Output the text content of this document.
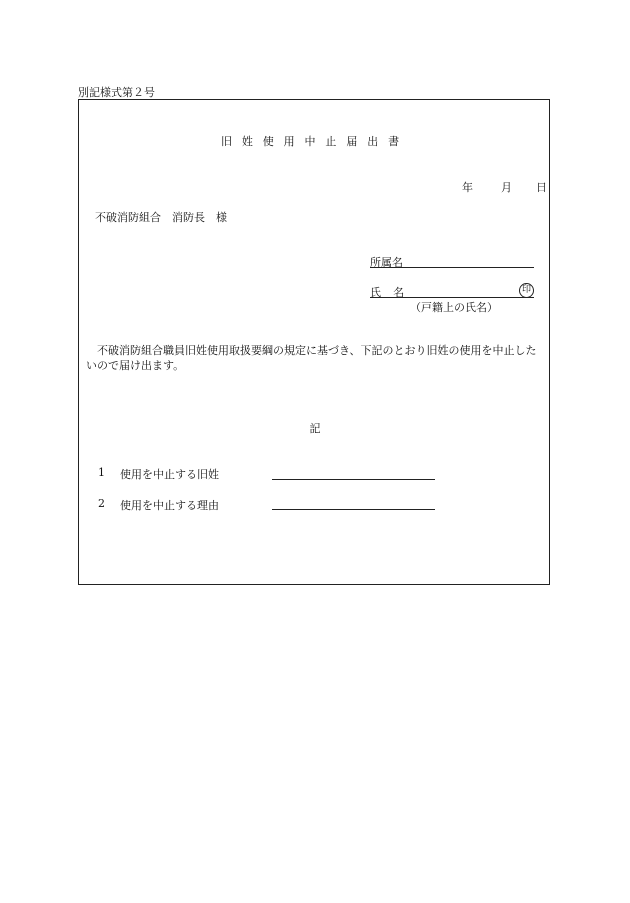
別記様式第２号
旧姓使用中止届出書
年	月 日
不破消防組合　消防長　様
所属名
氏名	印
（戸籍上の氏名）
不破消防組合職員旧姓使用取扱要綱の規定に基づき、下記のとおり旧姓の使用を中止したいので届け出ます。
記
1 使用を中止する旧姓
2 使用を中止する理由
